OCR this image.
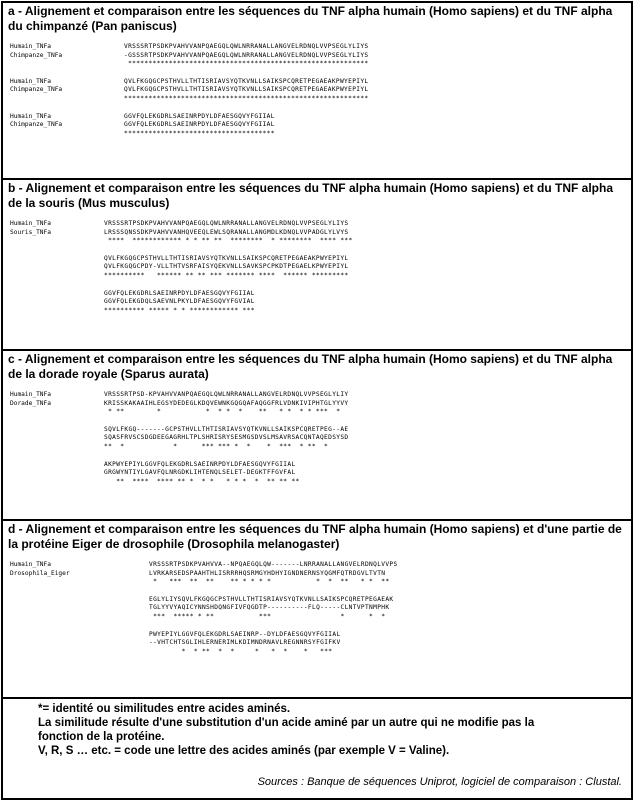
a - Alignement et comparaison entre les séquences du TNF alpha humain (Homo sapiens) et du TNF alpha du chimpanzé (Pan paniscus)
Humain_TNFa	VRSSSRTPSDKPVAHVVANPQAEGQLQWLNRRANALLANGVELRDNQLVVPSEGLYLIYS
Chimpanze_TNFa	-GSSSRTPSDKPVAHVVANPQAEGQLQWLNRRANALLANGVELRDNQLVVPSEGLYLIYS
***********************************************************
Humain_TNFa	QVLFKGQGCPSTHVLLTHTISRIAVSYQTKVNLLSAIKSPCQRETPEGAEAKPWYEPIYL
Chimpanze_TNFa	QVLFKGQGCPSTHVLLTHTISRIAVSYQTKVNLLSAIKSPCQRETPEGAEAKPWYEPIYL
************************************************************
Humain_TNFa	GGVFQLEKGDRLSAEINRPDYLDFAESGQVYFGIIAL
Chimpanze_TNFa	GGVFQLEKGDRLSAEINRPDYLDFAESGQVYFGIIAL
*************************************
b - Alignement et comparaison entre les séquences du TNF alpha humain (Homo sapiens) et du TNF alpha de la souris (Mus musculus)
Humain_TNFa	VRSSSRTPSDKPVAHVVANPQAEGQLQWLNRRANALLANGVELRDNQLVVPSEGLYLIYS
Souris_TNFa	LRSSSQNSSDKPVAHVVANHQVEEQLEWLSQRANALLANGMDLKDNQLVVPADGLYLVYS
****  ************ * * ** **  ********  * ********  **** ***
QVLFKGQGCPSTHVLLTHTISRIAVSYQTKVNLLSAIKSPCQRETPEGAEAKPWYEPIYL
QVLFKGQGCPDY-VLLTHTVSRFAISYQEKVNLLSAVKSPCPKDTPEGAELKPWYEPIYL
**********   ****** ** ** *** ******* ****  ****** *********
GGVFQLEKGDRLSAEINRPDYLDFAESGQVYFGIIAL
GGVFQLEKGDQLSAEVNLPKYLDFAESGQVYFGVIAL
********** ***** * * ************ ***
c - Alignement et comparaison entre les séquences du TNF alpha humain (Homo sapiens) et du TNF alpha de la dorade royale (Sparus aurata)
Humain_TNFa	VRSSSRTPSD-KPVAHVVANPQAEGQLQWLNRRANALLANGVELRDNQLVVPSEGLYLIY
Dorade_TNFa	KRISSKAKAAIHLEGSYDEDEGLKDQVEWNKGQGQAFAQGGFRLVDNKIVIPHTGLYYVY
* **        *           *  * *  *    **   * *  * * ***  *
SQVLFKGQ-------GCPSTHVLLTHTISRIAVSYQTKVNLLSAIKSPCQRETPEG--AE
SQASFRVSCSDGDEEGAGRHLTPLSHRISRYSESMGSDVSLMSAVRSACQNTAQEDSYSD
**  *            *      *** *** *  *    *  ***  * **  *
AKPWYEPIYLGGVFQLEKGDRLSAEINRPDYLDFAESGQVYFGIIAL
GRGWYNTIYLGAVFQLNRGDKLIHTENQLSELET-DEGKTFFGVFAL
**  ****  **** ** *  * *   * * *  *  ** ** **
d - Alignement et comparaison entre les séquences du TNF alpha humain (Homo sapiens) et d'une partie de la protéine Eiger de drosophile (Drosophila melanogaster)
Humain_TNFa	VRSSSRTPSDKPVAHVVA--NPQAEGQLQW-------LNRRANALLANGVELRDNQLVVPS
Drosophila_Eiger	LVRKARSEDSPAAHTHLISRRRHQSRMGYHDHYIGNDNERNSYQGMFQTRDGVLTVTN
*   ***  **  **    ** * * * *           *  *  **   * *  **
EGLYLIYSQVLFKGQGCPSTHVLLTHTISRIAVSYQTKVNLLSAIKSPCQRETPEGAEAK
TGLYYVYAQICYNNSHDQNGFIVFQGDTP----------FLQ-----CLNTVPTNMPHK
***  ***** * **           ***                 *      *  *
PWYEPIYLGGVFQLEKGDRLSAEINRP--DYLDFAESGQVYFGIIAL
--VHTCHTSGLIHLERNERIMLKDIMNDRNAVLREGNNRSYFGIFKV
*  * **  *  *     *   *  *    *   ***
*= identité ou similitudes entre acides aminés.
La similitude résulte d'une substitution d'un acide aminé par un autre qui ne modifie pas la
fonction de la protéine.
V, R, S … etc. = code une lettre des acides aminés (par exemple V = Valine).
Sources : Banque de séquences Uniprot, logiciel de comparaison : Clustal.
